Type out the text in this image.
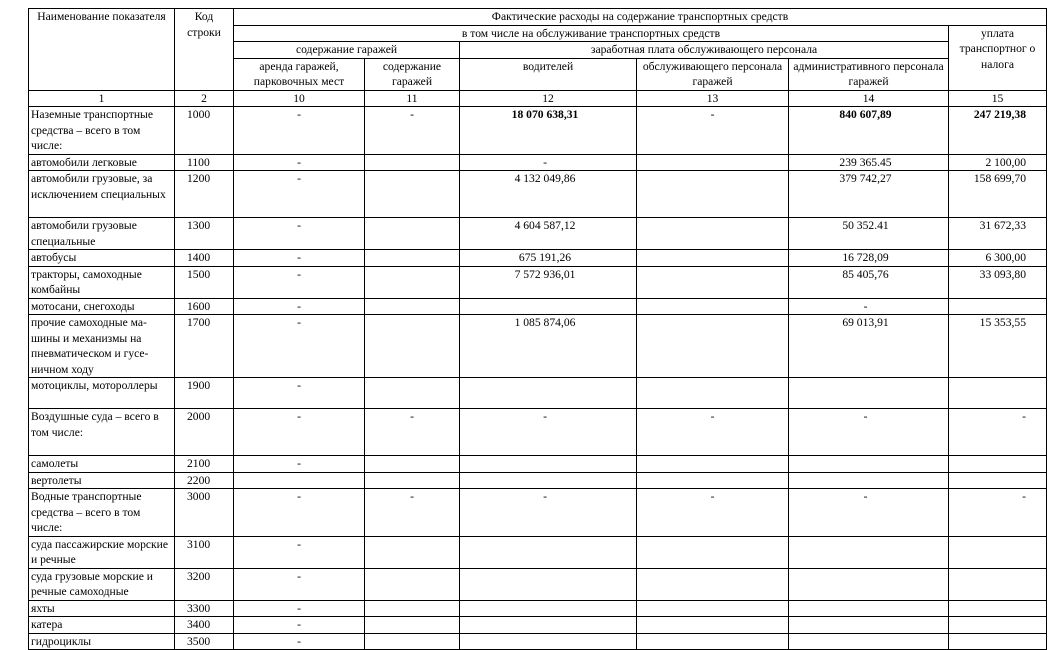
Наименование показателя	Код строки	Фактические расходы на содержание транспортных средств					
		в том числе на обслуживание транспортных средств					уплата транспортног о налога
		содержание гаражей		заработная плата обслуживающего персонала			
		аренда гаражей, парковочных мест	содержание гаражей	водителей	обслуживающего персонала гаражей	административного персонала гаражей	
1	2	10	11	12	13	14	15
Наземные транспортные средства – всего в том числе:	1000	-	-	18 070 638,31	-	840 607,89	247 219,38
автомобили легковые	1100	-		-		239 365.45	2 100,00
автомобили грузовые, за исключением специальных	1200	-		4 132 049,86		379 742,27	158 699,70
автомобили грузовые специальные	1300	-		4 604 587,12		50 352.41	31 672,33
автобусы	1400	-		675 191,26		16 728,09	6 300,00
тракторы, самоходные комбайны	1500	-		7 572 936,01		85 405,76	33 093,80
мотосани, снегоходы	1600	-				-	
прочие самоходные ма-шины и механизмы на пневматическом и гусе-ничном ходу	1700	-		1 085 874,06		69 013,91	15 353,55
мотоциклы, мотороллеры	1900	-					
Воздушные суда – всего в том числе:	2000	-	-	-	-	-	-
самолеты	2100	-					
вертолеты	2200						
Водные транспортные средства – всего в том числе:	3000	-	-	-	-	-	-
суда пассажирские морские и речные	3100	-					
суда грузовые морские и речные самоходные	3200	-					
яхты	3300	-					
катера	3400	-					
гидроциклы	3500	-					
